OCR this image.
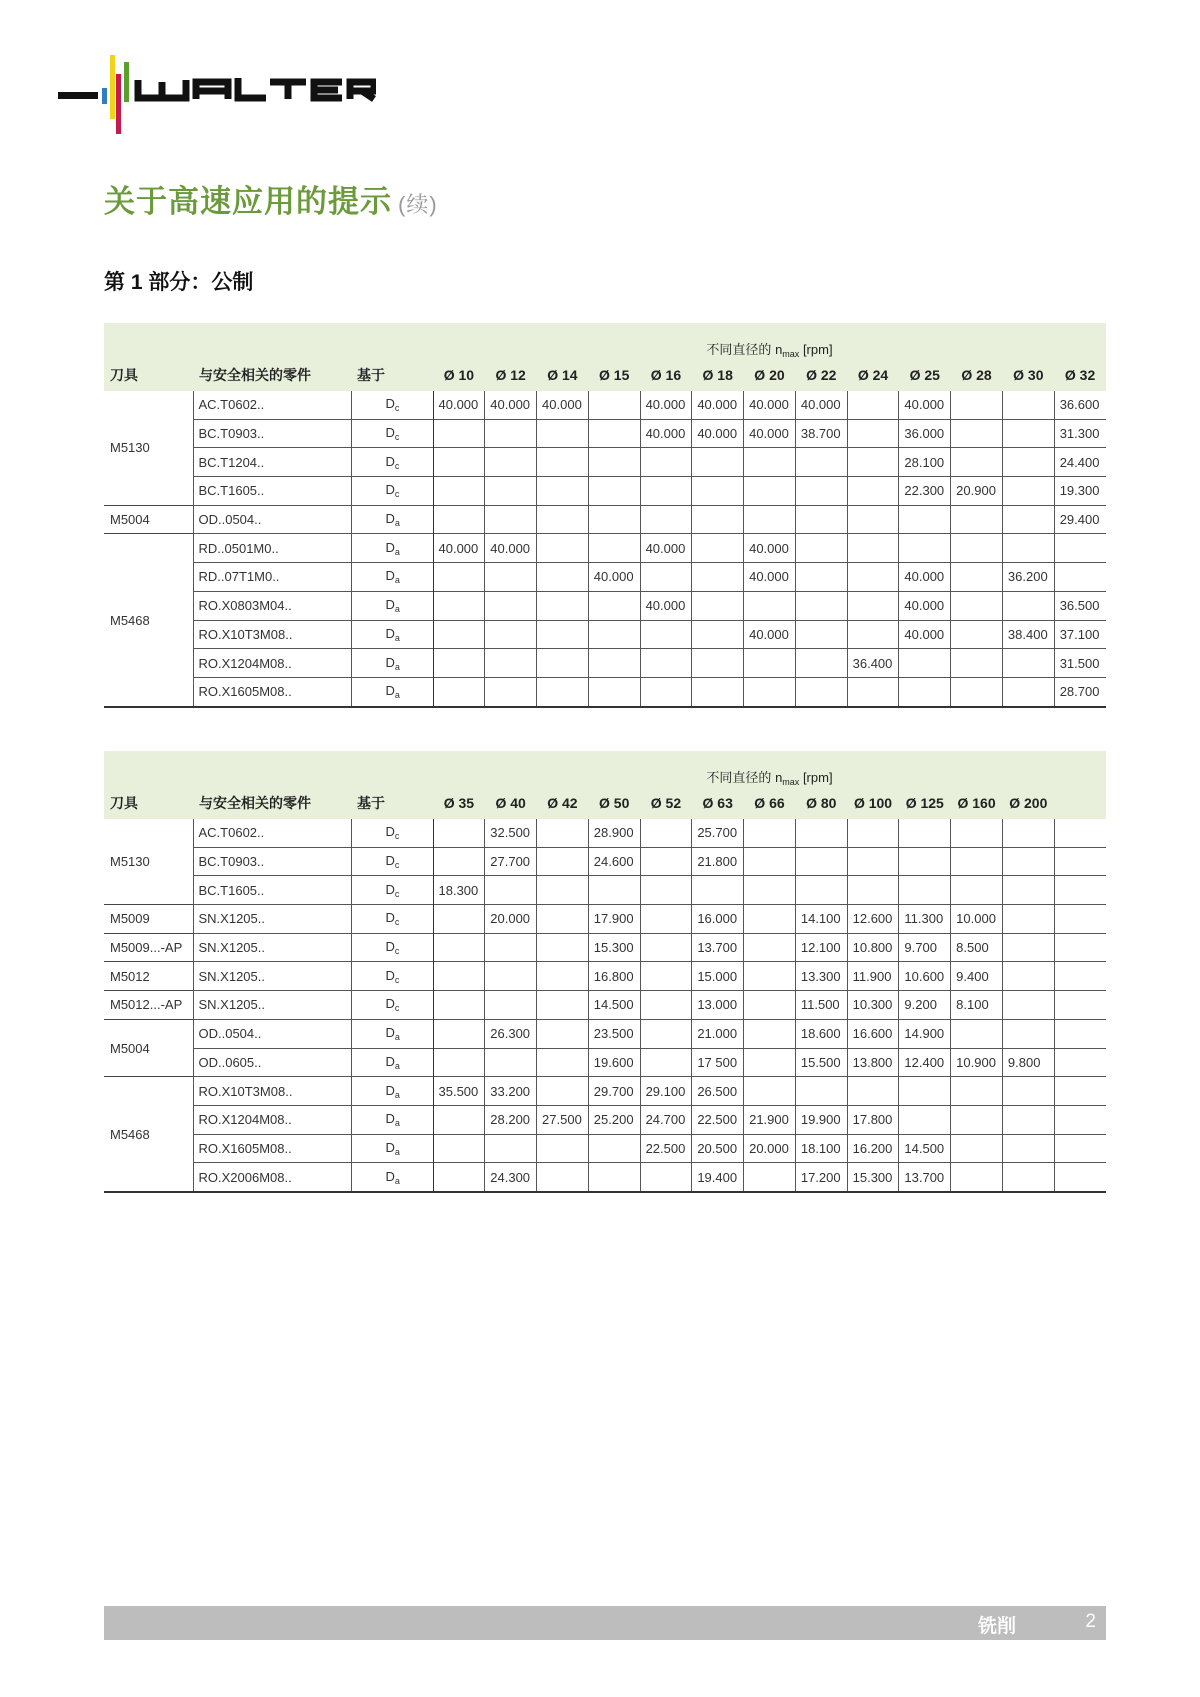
关于高速应用的提示 (续)
第 1 部分：公制
			不同直径的 $n_{max}$ [rpm]												
刀具	与安全相关的零件	基于	Ø 10	Ø 12	Ø 14	Ø 15	Ø 16	Ø 18	Ø 20	Ø 22	Ø 24	Ø 25	Ø 28	Ø 30	Ø 32
M5130	AC.T0602..	$D_c$	40.000	40.000	40.000		40.000	40.000	40.000	40.000		40.000			36.600
	BC.T0903..	$D_c$					40.000	40.000	40.000	38.700		36.000			31.300
	BC.T1204..	$D_c$										28.100			24.400
	BC.T1605..	$D_c$										22.300	20.900		19.300
M5004	OD..0504..	$D_a$													29.400
M5468	RD..0501M0..	$D_a$	40.000	40.000			40.000		40.000						
	RD..07T1M0..	$D_a$				40.000			40.000			40.000		36.200	
	RO.X0803M04..	$D_a$					40.000					40.000			36.500
	RO.X10T3M08..	$D_a$							40.000			40.000		38.400	37.100
	RO.X1204M08..	$D_a$									36.400				31.500
	RO.X1605M08..	$D_a$													28.700
			不同直径的 $n_{max}$ [rpm]												
刀具	与安全相关的零件	基于	Ø 35	Ø 40	Ø 42	Ø 50	Ø 52	Ø 63	Ø 66	Ø 80	Ø 100	Ø 125	Ø 160	Ø 200	
M5130	AC.T0602..	$D_c$		32.500		28.900		25.700							
	BC.T0903..	$D_c$		27.700		24.600		21.800							
	BC.T1605..	$D_c$	18.300												
M5009	SN.X1205..	$D_c$		20.000		17.900		16.000		14.100	12.600	11.300	10.000		
M5009...-AP	SN.X1205..	$D_c$				15.300		13.700		12.100	10.800	9.700	8.500		
M5012	SN.X1205..	$D_c$				16.800		15.000		13.300	11.900	10.600	9.400		
M5012...-AP	SN.X1205..	$D_c$				14.500		13.000		11.500	10.300	9.200	8.100		
M5004	OD..0504..	$D_a$		26.300		23.500		21.000		18.600	16.600	14.900			
	OD..0605..	$D_a$				19.600		17 500		15.500	13.800	12.400	10.900	9.800	
M5468	RO.X10T3M08..	$D_a$	35.500	33.200		29.700	29.100	26.500							
	RO.X1204M08..	$D_a$		28.200	27.500	25.200	24.700	22.500	21.900	19.900	17.800				
	RO.X1605M08..	$D_a$					22.500	20.500	20.000	18.100	16.200	14.500			
	RO.X2006M08..	$D_a$		24.300				19.400		17.200	15.300	13.700			
铣削	2
